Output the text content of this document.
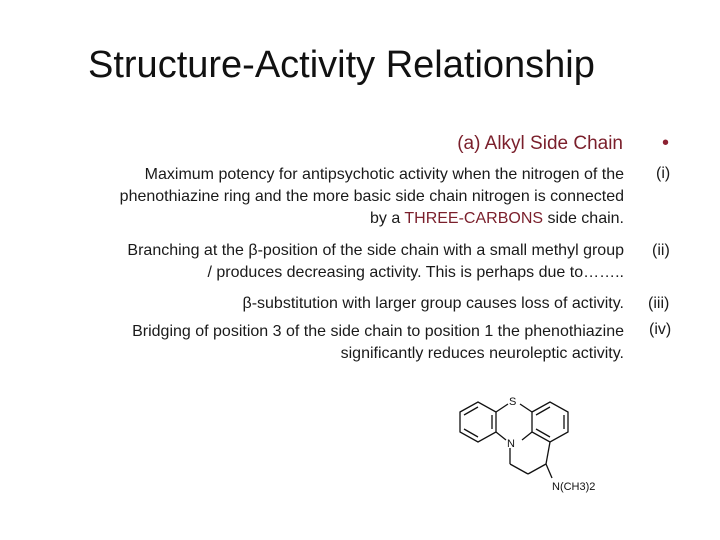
Structure-Activity Relationship
(a) Alkyl Side Chain •
Maximum potency for antipsychotic activity when the nitrogen of the
phenothiazine ring and the more basic side chain nitrogen is connected
by a THREE-CARBONS side chain.
(i)
Branching at the β-position of the side chain with a small methyl group
/ produces decreasing activity. This is perhaps due to……..
(ii)
β-substitution with larger group causes loss of activity. (iii)
Bridging of position 3 of the side chain to position 1 the phenothiazine
significantly reduces neuroleptic activity.
(iv)
S
N
N(CH3)2
